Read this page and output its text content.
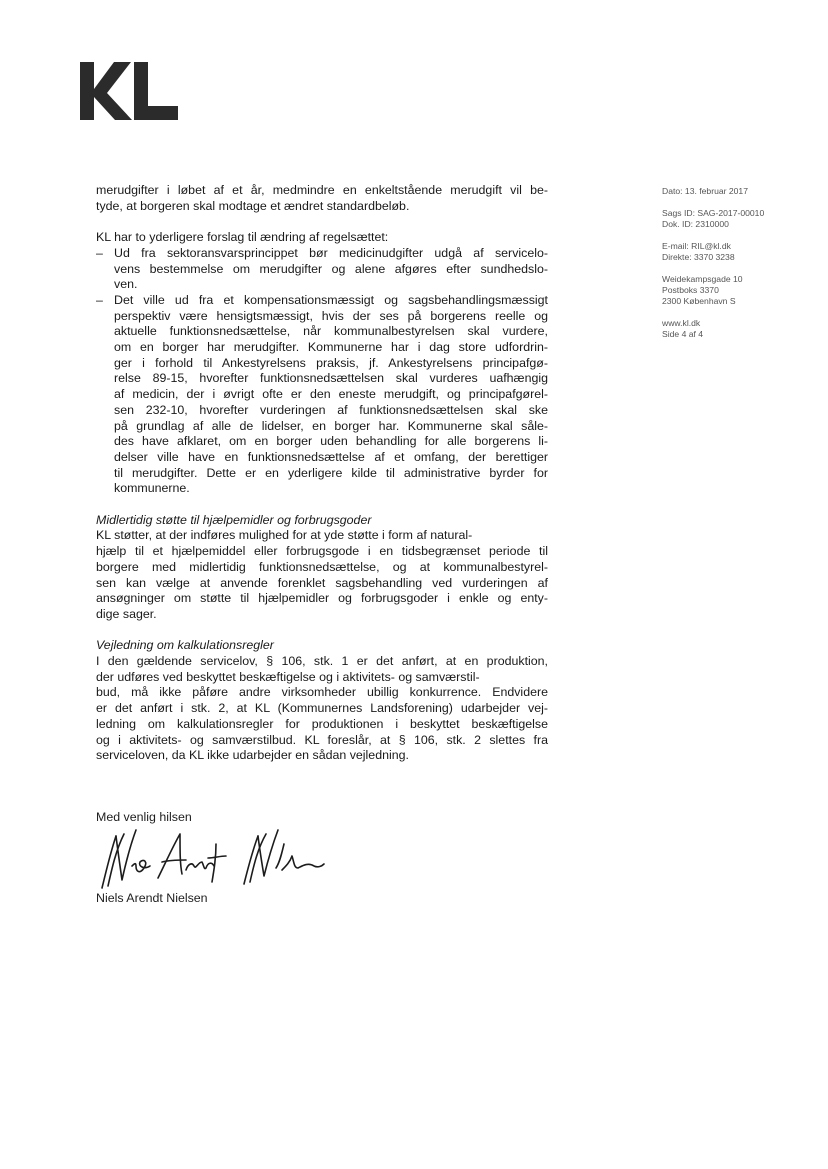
Dato: 13. februar 2017
Sags ID: SAG-2017-00010
Dok. ID: 2310000
E-mail: RIL@kl.dk
Direkte: 3370 3238
Weidekampsgade 10
Postboks 3370
2300 København S
www.kl.dk
Side 4 af 4

merudgifter i løbet af et år, medmindre en enkeltstående merudgift vil be-
tyde, at borgeren skal modtage et ændret standardbeløb.

KL har to yderligere forslag til ændring af regelsættet:

– Ud fra sektoransvarsprincippet bør medicinudgifter udgå af servicelo-
vens bestemmelse om merudgifter og alene afgøres efter sundhedslo-
ven.
– Det ville ud fra et kompensationsmæssigt og sagsbehandlingsmæssigt
perspektiv være hensigtsmæssigt, hvis der ses på borgerens reelle og
aktuelle funktionsnedsættelse, når kommunalbestyrelsen skal vurdere,
om en borger har merudgifter. Kommunerne har i dag store udfordrin-
ger i forhold til Ankestyrelsens praksis, jf. Ankestyrelsens principafgø-
relse 89-15, hvorefter funktionsnedsættelsen skal vurderes uafhængig
af medicin, der i øvrigt ofte er den eneste merudgift, og principafgørel-
sen 232-10, hvorefter vurderingen af funktionsnedsættelsen skal ske
på grundlag af alle de lidelser, en borger har. Kommunerne skal såle-
des have afklaret, om en borger uden behandling for alle borgerens li-
delser ville have en funktionsnedsættelse af et omfang, der berettiger
til merudgifter. Dette er en yderligere kilde til administrative byrder for
kommunerne.

Midlertidig støtte til hjælpemidler og forbrugsgoder

KL støtter, at der indføres mulighed for at yde støtte i form af natural-
hjælp til et hjælpemiddel eller forbrugsgode i en tidsbegrænset periode til
borgere med midlertidig funktionsnedsættelse, og at kommunalbestyrel-
sen kan vælge at anvende forenklet sagsbehandling ved vurderingen af
ansøgninger om støtte til hjælpemidler og forbrugsgoder i enkle og enty-
dige sager.

Vejledning om kalkulationsregler

I den gældende servicelov, § 106, stk. 1 er det anført, at en produktion,
der udføres ved beskyttet beskæftigelse og i aktivitets- og samværstil-
bud, må ikke påføre andre virksomheder ubillig konkurrence. Endvidere
er det anført i stk. 2, at KL (Kommunernes Landsforening) udarbejder vej-
ledning om kalkulationsregler for produktionen i beskyttet beskæftigelse
og i aktivitets- og samværstilbud. KL foreslår, at § 106, stk. 2 slettes fra
serviceloven, da KL ikke udarbejder en sådan vejledning.

Med venlig hilsen
Niels Arendt Nielsen
